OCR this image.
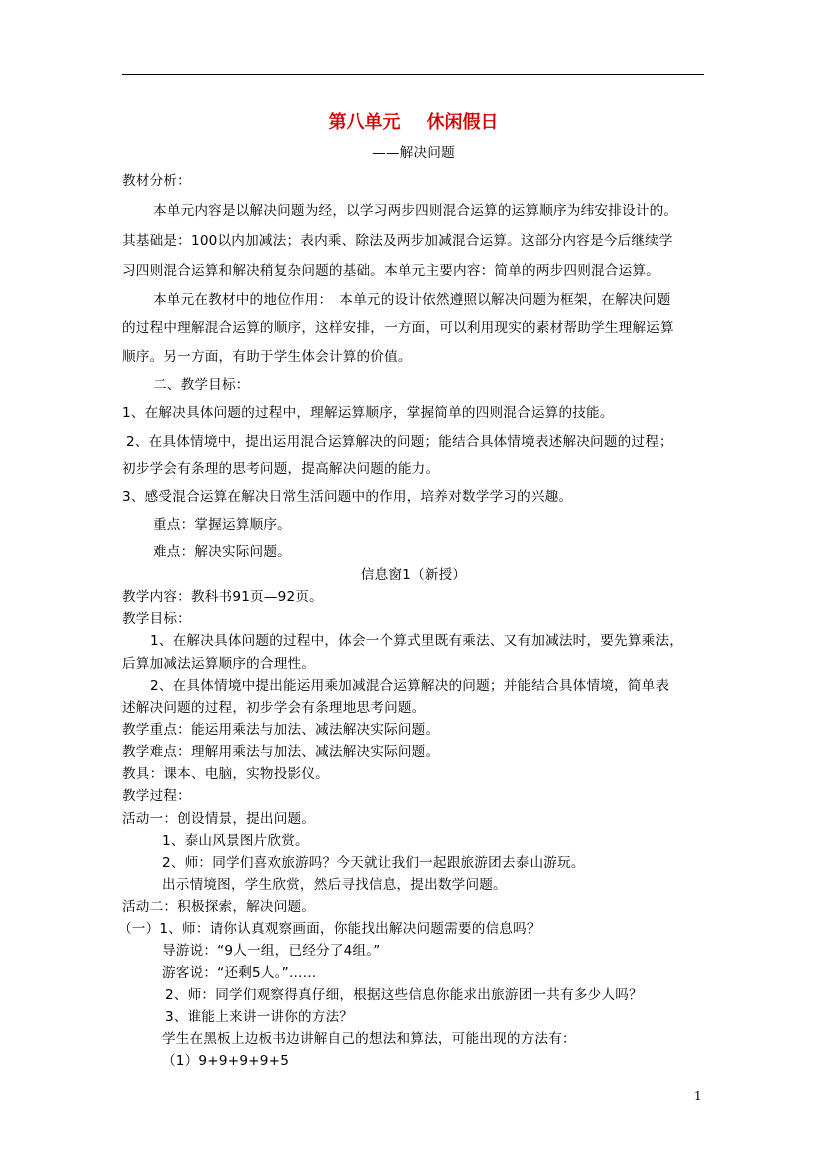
第八单元 休闲假日
——解决问题
教材分析：
本单元内容是以解决问题为经，以学习两步四则混合运算的运算顺序为纬安排设计的。
其基础是：100以内加减法；表内乘、除法及两步加减混合运算。这部分内容是今后继续学
习四则混合运算和解决稍复杂问题的基础。本单元主要内容：简单的两步四则混合运算。
本单元在教材中的地位作用：　本单元的设计依然遵照以解决问题为框架，在解决问题
的过程中理解混合运算的顺序，这样安排，一方面，可以利用现实的素材帮助学生理解运算
顺序。另一方面，有助于学生体会计算的价值。
二、教学目标：
1、在解决具体问题的过程中，理解运算顺序，掌握简单的四则混合运算的技能。
2、在具体情境中，提出运用混合运算解决的问题；能结合具体情境表述解决问题的过程；
初步学会有条理的思考问题，提高解决问题的能力。
3、感受混合运算在解决日常生活问题中的作用，培养对数学学习的兴趣。
重点：掌握运算顺序。
难点：解决实际问题。
信息窗1（新授）
教学内容：教科书91页—92页。
教学目标：
1、在解决具体问题的过程中，体会一个算式里既有乘法、又有加减法时，要先算乘法，
后算加减法运算顺序的合理性。
2、在具体情境中提出能运用乘加减混合运算解决的问题；并能结合具体情境，简单表
述解决问题的过程，初步学会有条理地思考问题。
教学重点：能运用乘法与加法、减法解决实际问题。
教学难点：理解用乘法与加法、减法解决实际问题。
教具：课本、电脑，实物投影仪。
教学过程：
活动一：创设情景，提出问题。
1、泰山风景图片欣赏。
2、师：同学们喜欢旅游吗？今天就让我们一起跟旅游团去泰山游玩。
出示情境图，学生欣赏，然后寻找信息，提出数学问题。
活动二：积极探索，解决问题。
（一）1、师：请你认真观察画面，你能找出解决问题需要的信息吗？
导游说：“9人一组，已经分了4组。”
游客说：“还剩5人。”……
2、师：同学们观察得真仔细，根据这些信息你能求出旅游团一共有多少人吗？
3、谁能上来讲一讲你的方法？
学生在黑板上边板书边讲解自己的想法和算法，可能出现的方法有：
（1）9+9+9+9+5
1
